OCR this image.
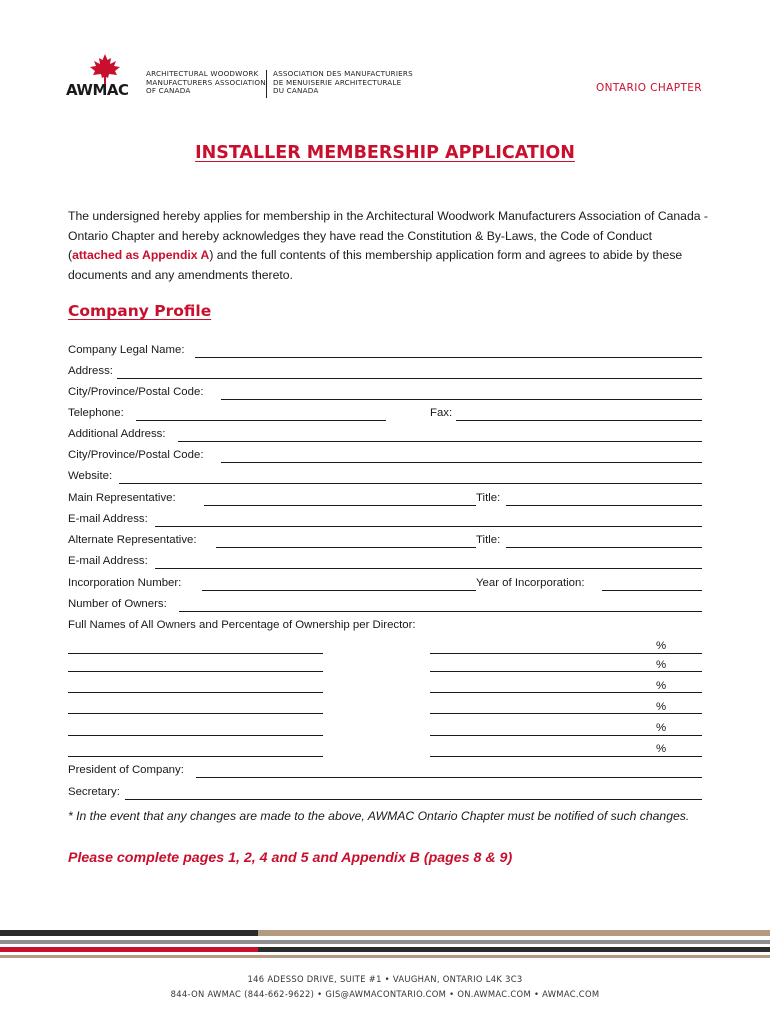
AWMAC
ARCHITECTURAL WOODWORK
MANUFACTURERS ASSOCIATION
OF CANADA
ASSOCIATION DES MANUFACTURIERS
DE MENUISERIE ARCHITECTURALE
DU CANADA	ONTARIO CHAPTER
INSTALLER MEMBERSHIP APPLICATION
The undersigned hereby applies for membership in the Architectural Woodwork Manufacturers Association of Canada - Ontario Chapter and hereby acknowledges they have read the Constitution & By-Laws, the Code of Conduct (attached as Appendix A) and the full contents of this membership application form and agrees to abide by these documents and any amendments thereto.
Company Profile
Company Legal Name:
Address:
City/Province/Postal Code:
Telephone:	Fax:
Additional Address:
City/Province/Postal Code:
Website:
Main Representative:	Title:
E-mail Address:
Alternate Representative:	Title:
E-mail Address:
Incorporation Number:	Year of Incorporation:
Number of Owners:
Full Names of All Owners and Percentage of Ownership per Director:
%
%
%
%
%
%
President of Company:
Secretary:
* In the event that any changes are made to the above, AWMAC Ontario Chapter must be notified of such changes.
Please complete pages 1, 2, 4 and 5 and Appendix B (pages 8 & 9)
146 ADESSO DRIVE, SUITE #1 • VAUGHAN, ONTARIO L4K 3C3
844-ON AWMAC (844-662-9622) • GIS@AWMACONTARIO.COM • ON.AWMAC.COM • AWMAC.COM
